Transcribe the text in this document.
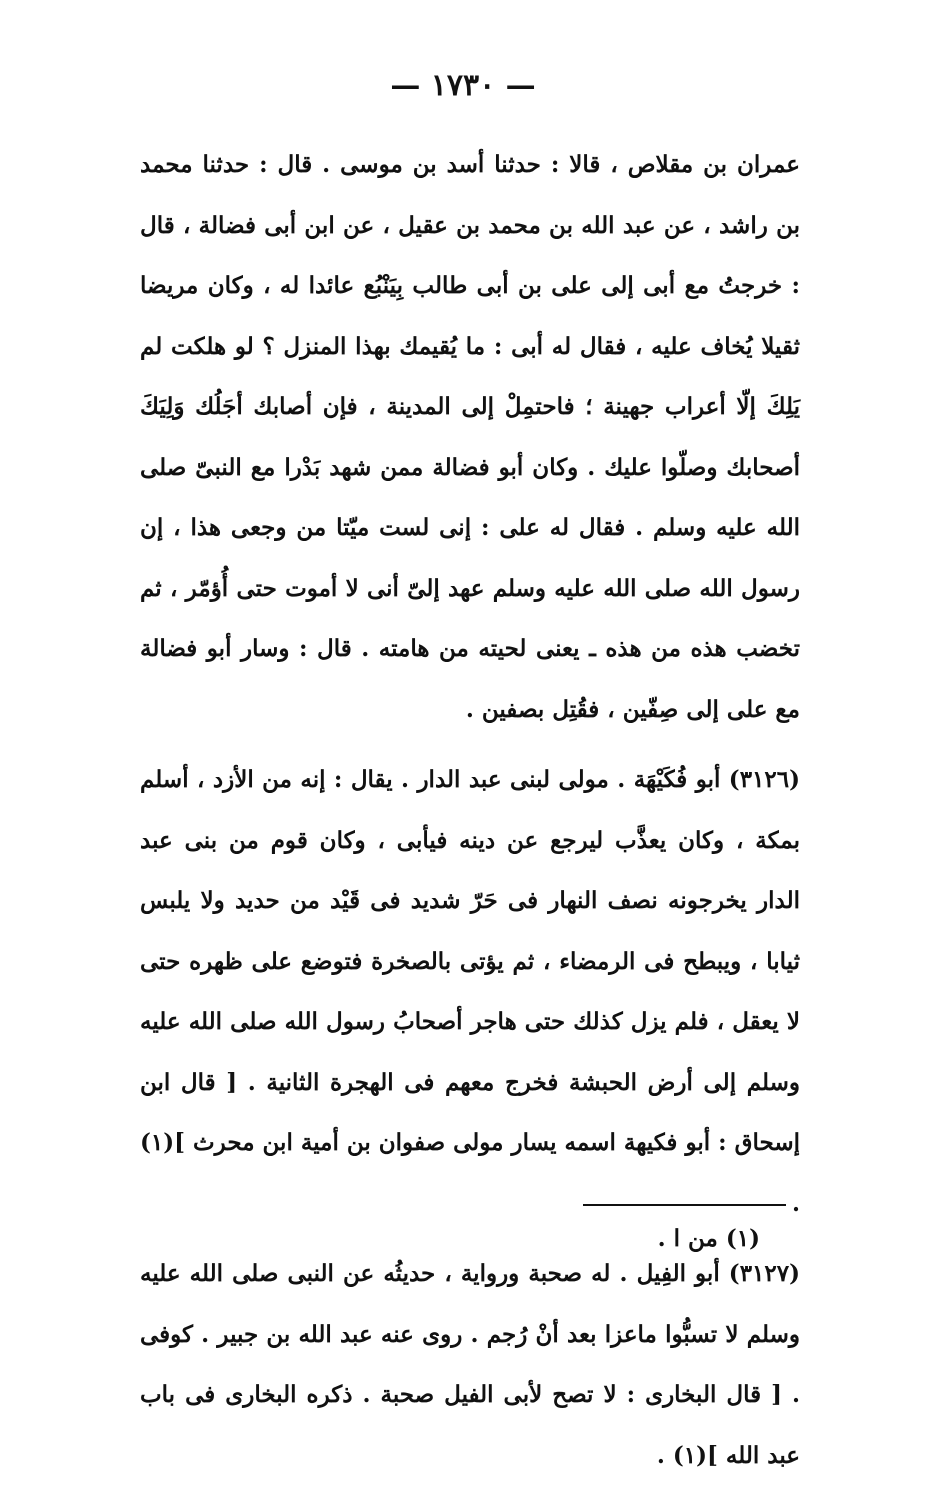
— ١٧٣٠ —

عمران بن مقلاص ، قالا : حدثنا أسد بن موسى . قال : حدثنا محمد بن راشد ، عن عبد الله بن محمد بن عقيل ، عن ابن أبى فضالة ، قال : خرجتُ مع أبى إلى على بن أبى طالب بِيَنْبُع عائدا له ، وكان مريضا ثقيلا يُخاف عليه ، فقال له أبى : ما يُقيمك بهذا المنزل ؟ لو هلكت لم يَلِكَ إلّا أعراب جهينة ؛ فاحتمِلْ إلى المدينة ، فإن أصابك أجَلُك وَلِيَكَ أصحابك وصلّوا عليك . وكان أبو فضالة ممن شهد بَدْرا مع النبىّ صلى الله عليه وسلم . فقال له على : إنى لست ميّتا من وجعى هذا ، إن رسول الله صلى الله عليه وسلم عهد إلىّ أنى لا أموت حتى أُؤمّر ، ثم تخضب هذه من هذه ـ يعنى لحيته من هامته . قال : وسار أبو فضالة مع على إلى صِفّين ، فقُتِل بصفين .

(٣١٢٦) أبو فُكَيْهَة . مولى لبنى عبد الدار . يقال : إنه من الأزد ، أسلم بمكة ، وكان يعذَّب ليرجع عن دينه فيأبى ، وكان قوم من بنى عبد الدار يخرجونه نصف النهار فى حَرّ شديد فى قَيْد من حديد ولا يلبس ثيابا ، ويبطح فى الرمضاء ، ثم يؤتى بالصخرة فتوضع على ظهره حتى لا يعقل ، فلم يزل كذلك حتى هاجر أصحابُ رسول الله صلى الله عليه وسلم إلى أرض الحبشة فخرج معهم فى الهجرة الثانية . [ قال ابن إسحاق : أبو فكيهة اسمه يسار مولى صفوان بن أمية ابن محرث ](١) .

(٣١٢٧) أبو الفِيل . له صحبة ورواية ، حديثُه عن النبى صلى الله عليه وسلم لا تسبُّوا ماعزا بعد أنْ رُجم . روى عنه عبد الله بن جبير . كوفى . [ قال البخارى : لا تصح لأبى الفيل صحبة . ذكره البخارى فى باب عبد الله ](١) .

(١) من ا .
